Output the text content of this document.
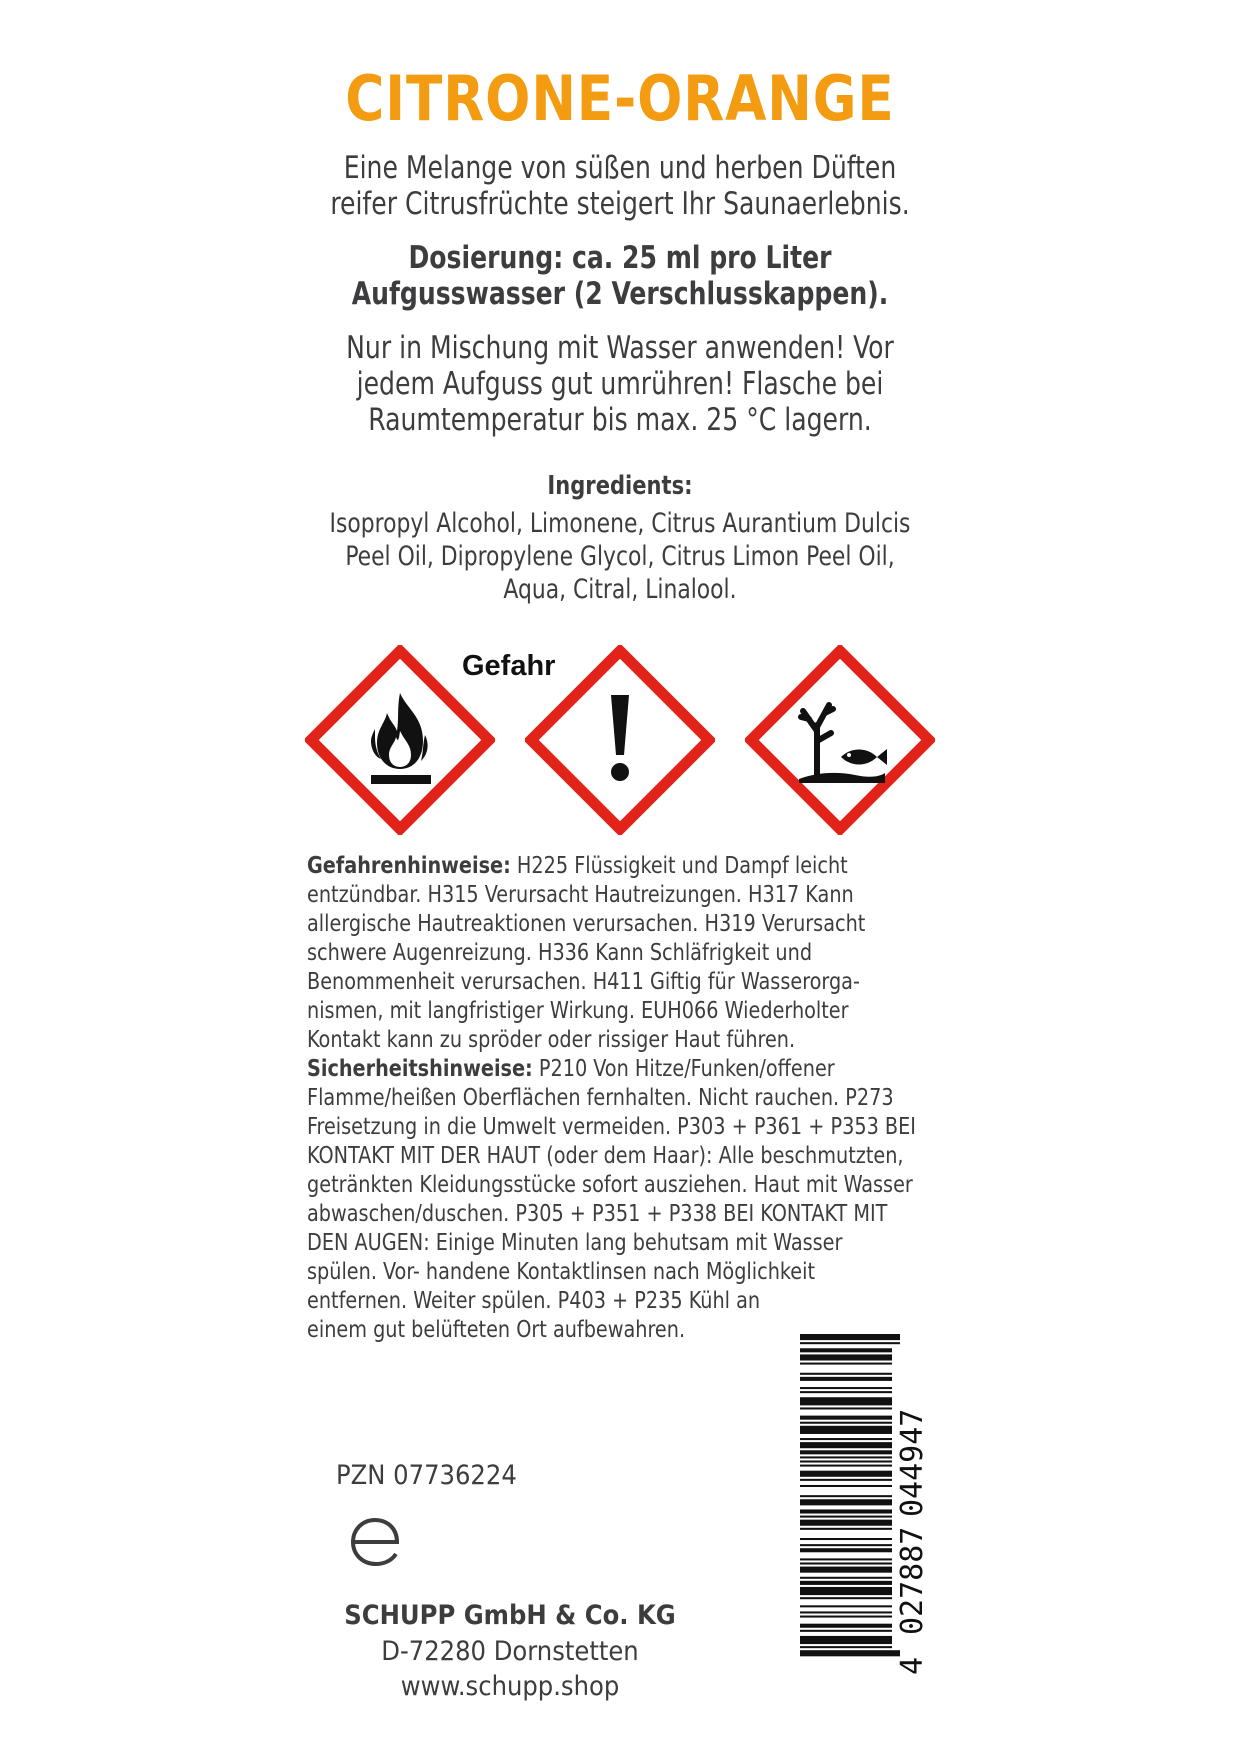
CITRONE-ORANGE
Eine Melange von süßen und herben Düften
reifer Citrusfrüchte steigert Ihr Saunaerlebnis.
Dosierung: ca. 25 ml pro Liter
Aufgusswasser (2 Verschlusskappen).
Nur in Mischung mit Wasser anwenden! Vor
jedem Aufguss gut umrühren! Flasche bei
Raumtemperatur bis max. 25 °C lagern.
Ingredients:
Isopropyl Alcohol, Limonene, Citrus Aurantium Dulcis
Peel Oil, Dipropylene Glycol, Citrus Limon Peel Oil,
Aqua, Citral, Linalool.
Gefahr
Gefahrenhinweise: H225 Flüssigkeit und Dampf leicht
entzündbar. H315 Verursacht Hautreizungen. H317 Kann
allergische Hautreaktionen verursachen. H319 Verursacht
schwere Augenreizung. H336 Kann Schläfrigkeit und
Benommenheit verursachen. H411 Giftig für Wasserorga-
nismen, mit langfristiger Wirkung. EUH066 Wiederholter
Kontakt kann zu spröder oder rissiger Haut führen.
Sicherheitshinweise: P210 Von Hitze/Funken/offener
Flamme/heißen Oberflächen fernhalten. Nicht rauchen. P273
Freisetzung in die Umwelt vermeiden. P303 + P361 + P353 BEI
KONTAKT MIT DER HAUT (oder dem Haar): Alle beschmutzten,
getränkten Kleidungsstücke sofort ausziehen. Haut mit Wasser
abwaschen/duschen. P305 + P351 + P338 BEI KONTAKT MIT
DEN AUGEN: Einige Minuten lang behutsam mit Wasser
spülen. Vor- handene Kontaktlinsen nach Möglichkeit
entfernen. Weiter spülen. P403 + P235 Kühl an
einem gut belüfteten Ort aufbewahren.
PZN 07736224
SCHUPP GmbH & Co. KG
D-72280 Dornstetten
www.schupp.shop
4
027887
044947
